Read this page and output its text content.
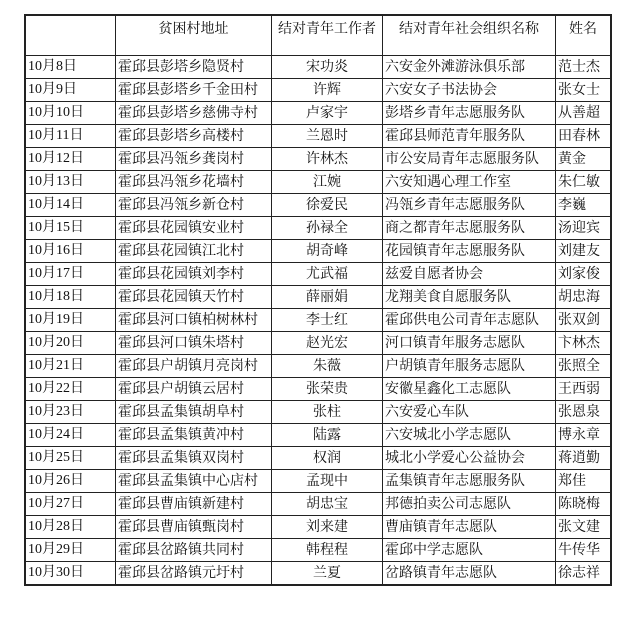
	贫困村地址	结对青年工作者	结对青年社会组织名称	姓名
10月8日	霍邱县彭塔乡隐贤村	宋功炎	六安金外滩游泳俱乐部	范士杰
10月9日	霍邱县彭塔乡千金田村	许辉	六安女子书法协会	张女士
10月10日	霍邱县彭塔乡慈佛寺村	卢家宇	彭塔乡青年志愿服务队	从善超
10月11日	霍邱县彭塔乡高楼村	兰恩时	霍邱县师范青年服务队	田春林
10月12日	霍邱县冯瓴乡龚岗村	许林杰	市公安局青年志愿服务队	黄金
10月13日	霍邱县冯瓴乡花墙村	江婉	六安知遇心理工作室	朱仁敏
10月14日	霍邱县冯瓴乡新仓村	徐爱民	冯瓴乡青年志愿服务队	李巍
10月15日	霍邱县花园镇安业村	孙禄全	商之都青年志愿服务队	汤迎宾
10月16日	霍邱县花园镇江北村	胡奇峰	花园镇青年志愿服务队	刘建友
10月17日	霍邱县花园镇刘李村	尤武福	兹爱自愿者协会	刘家俊
10月18日	霍邱县花园镇天竹村	薛丽娟	龙翔美食自愿服务队	胡忠海
10月19日	霍邱县河口镇柏树林村	李士红	霍邱供电公司青年志愿队	张双剑
10月20日	霍邱县河口镇朱塔村	赵光宏	河口镇青年服务志愿队	卞林杰
10月21日	霍邱县户胡镇月亮岗村	朱薇	户胡镇青年服务志愿队	张照全
10月22日	霍邱县户胡镇云居村	张荣贵	安徽星鑫化工志愿队	王西弱
10月23日	霍邱县孟集镇胡阜村	张柱	六安爱心车队	张恩泉
10月24日	霍邱县孟集镇黄冲村	陆露	六安城北小学志愿队	博永章
10月25日	霍邱县孟集镇双岗村	权润	城北小学爱心公益协会	蒋逍勤
10月26日	霍邱县孟集镇中心店村	孟现中	孟集镇青年志愿服务队	郑佳
10月27日	霍邱县曹庙镇新建村	胡忠宝	邦德拍卖公司志愿队	陈晓梅
10月28日	霍邱县曹庙镇甄岗村	刘来建	曹庙镇青年志愿队	张文建
10月29日	霍邱县岔路镇共同村	韩程程	霍邱中学志愿队	牛传华
10月30日	霍邱县岔路镇元圩村	兰夏	岔路镇青年志愿队	徐志祥
